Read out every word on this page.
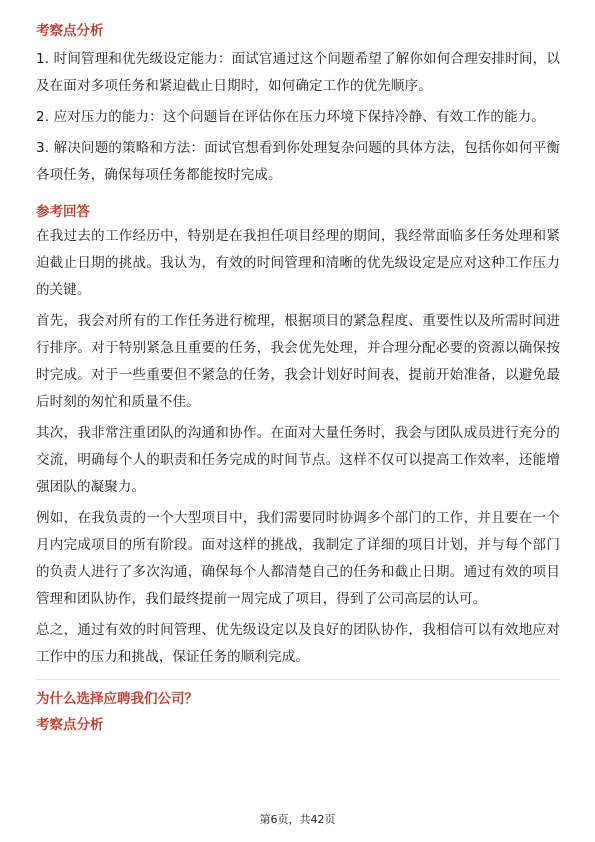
考察点分析

1. 时间管理和优先级设定能力：面试官通过这个问题希望了解你如何合理安排时间，以及在面对多项任务和紧迫截止日期时，如何确定工作的优先顺序。

2. 应对压力的能力：这个问题旨在评估你在压力环境下保持冷静、有效工作的能力。

3. 解决问题的策略和方法：面试官想看到你处理复杂问题的具体方法，包括你如何平衡各项任务，确保每项任务都能按时完成。

参考回答

在我过去的工作经历中，特别是在我担任项目经理的期间，我经常面临多任务处理和紧迫截止日期的挑战。我认为，有效的时间管理和清晰的优先级设定是应对这种工作压力的关键。

首先，我会对所有的工作任务进行梳理，根据项目的紧急程度、重要性以及所需时间进行排序。对于特别紧急且重要的任务，我会优先处理，并合理分配必要的资源以确保按时完成。对于一些重要但不紧急的任务，我会计划好时间表，提前开始准备，以避免最后时刻的匆忙和质量不佳。

其次，我非常注重团队的沟通和协作。在面对大量任务时，我会与团队成员进行充分的交流，明确每个人的职责和任务完成的时间节点。这样不仅可以提高工作效率，还能增强团队的凝聚力。

例如，在我负责的一个大型项目中，我们需要同时协调多个部门的工作，并且要在一个月内完成项目的所有阶段。面对这样的挑战，我制定了详细的项目计划，并与每个部门的负责人进行了多次沟通，确保每个人都清楚自己的任务和截止日期。通过有效的项目管理和团队协作，我们最终提前一周完成了项目，得到了公司高层的认可。

总之，通过有效的时间管理、优先级设定以及良好的团队协作，我相信可以有效地应对工作中的压力和挑战，保证任务的顺利完成。

为什么选择应聘我们公司？
考察点分析
第6页，共42页
